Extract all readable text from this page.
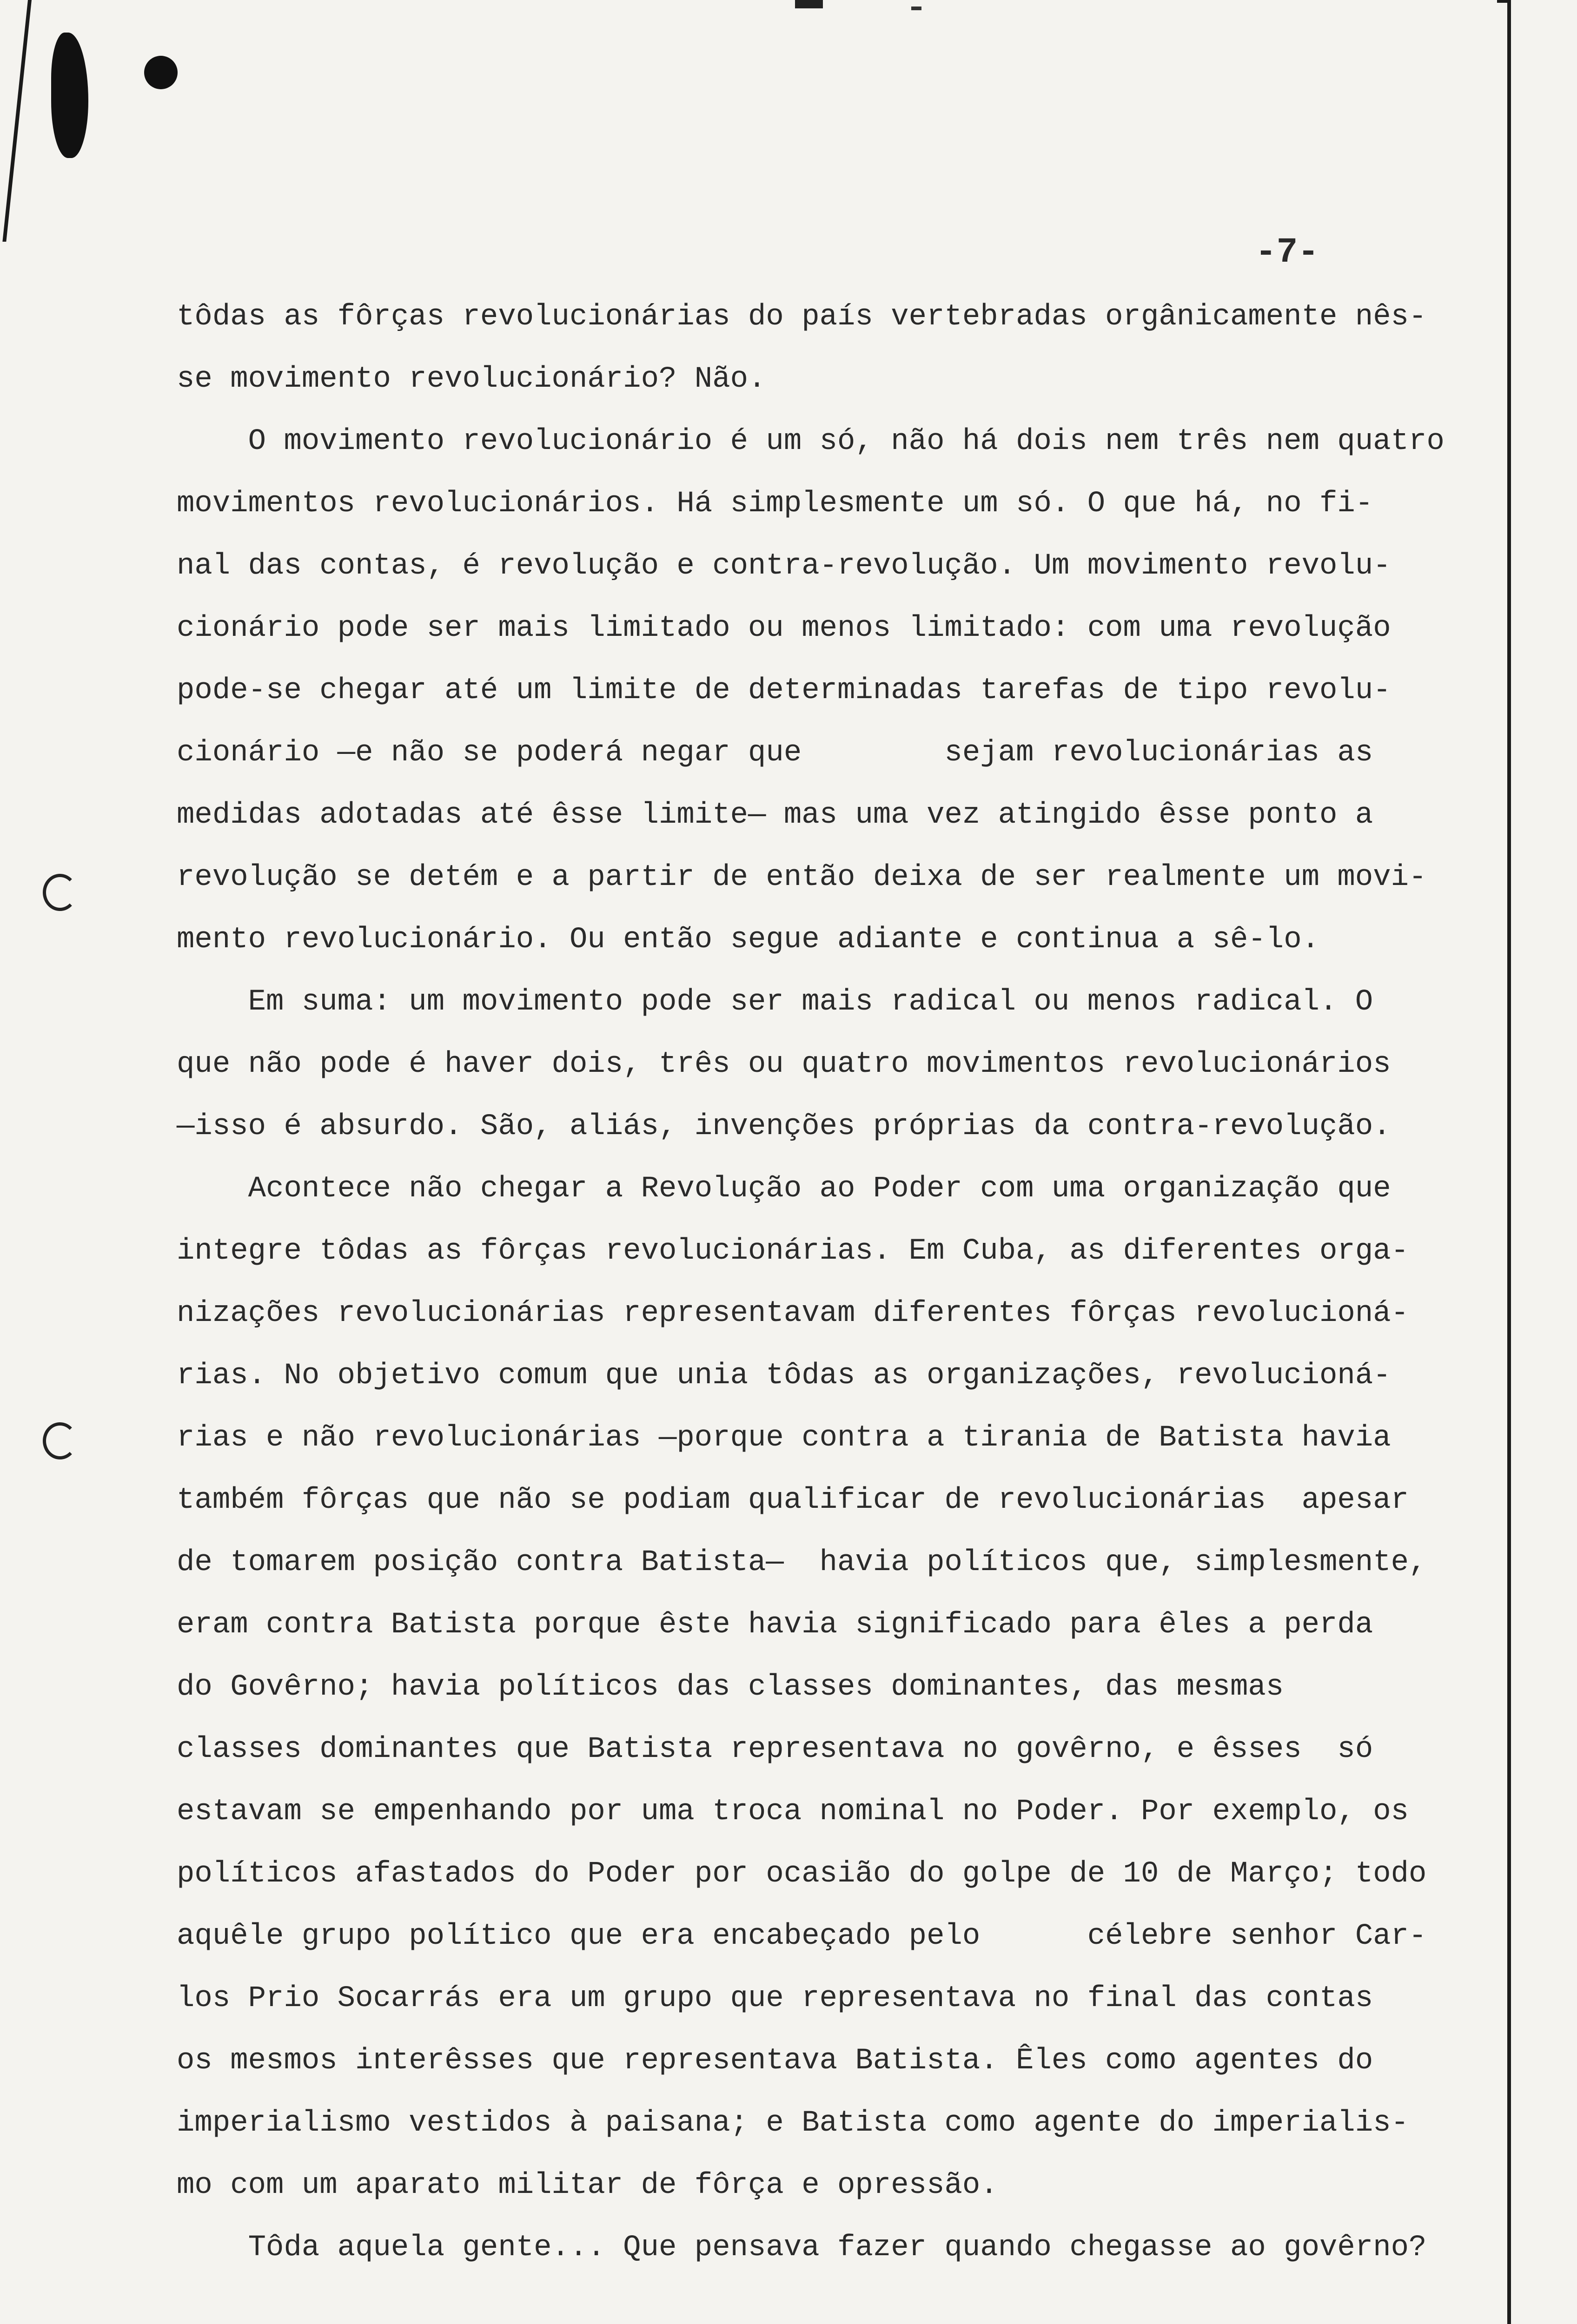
-7-
tôdas as fôrças revolucionárias do país vertebradas orgânicamente nês-
se movimento revolucionário? Não.
O movimento revolucionário é um só, não há dois nem três nem quatro
movimentos revolucionários. Há simplesmente um só. O que há, no fi-
nal das contas, é revolução e contra-revolução. Um movimento revolu-
cionário pode ser mais limitado ou menos limitado: com uma revolução
pode-se chegar até um limite de determinadas tarefas de tipo revolu-
cionário —e não se poderá negar que        sejam revolucionárias as
medidas adotadas até êsse limite— mas uma vez atingido êsse ponto a
revolução se detém e a partir de então deixa de ser realmente um movi-
mento revolucionário. Ou então segue adiante e continua a sê-lo.
Em suma: um movimento pode ser mais radical ou menos radical. O
que não pode é haver dois, três ou quatro movimentos revolucionários
—isso é absurdo. São, aliás, invenções próprias da contra-revolução.
Acontece não chegar a Revolução ao Poder com uma organização que
integre tôdas as fôrças revolucionárias. Em Cuba, as diferentes orga-
nizações revolucionárias representavam diferentes fôrças revolucioná-
rias. No objetivo comum que unia tôdas as organizações, revolucioná-
rias e não revolucionárias —porque contra a tirania de Batista havia
também fôrças que não se podiam qualificar de revolucionárias  apesar
de tomarem posição contra Batista—  havia políticos que, simplesmente,
eram contra Batista porque êste havia significado para êles a perda
do Govêrno; havia políticos das classes dominantes, das mesmas
classes dominantes que Batista representava no govêrno, e êsses  só
estavam se empenhando por uma troca nominal no Poder. Por exemplo, os
políticos afastados do Poder por ocasião do golpe de 10 de Março; todo
aquêle grupo político que era encabeçado pelo      célebre senhor Car-
los Prio Socarrás era um grupo que representava no final das contas
os mesmos interêsses que representava Batista. Êles como agentes do
imperialismo vestidos à paisana; e Batista como agente do imperialis-
mo com um aparato militar de fôrça e opressão.
Tôda aquela gente... Que pensava fazer quando chegasse ao govêrno?
